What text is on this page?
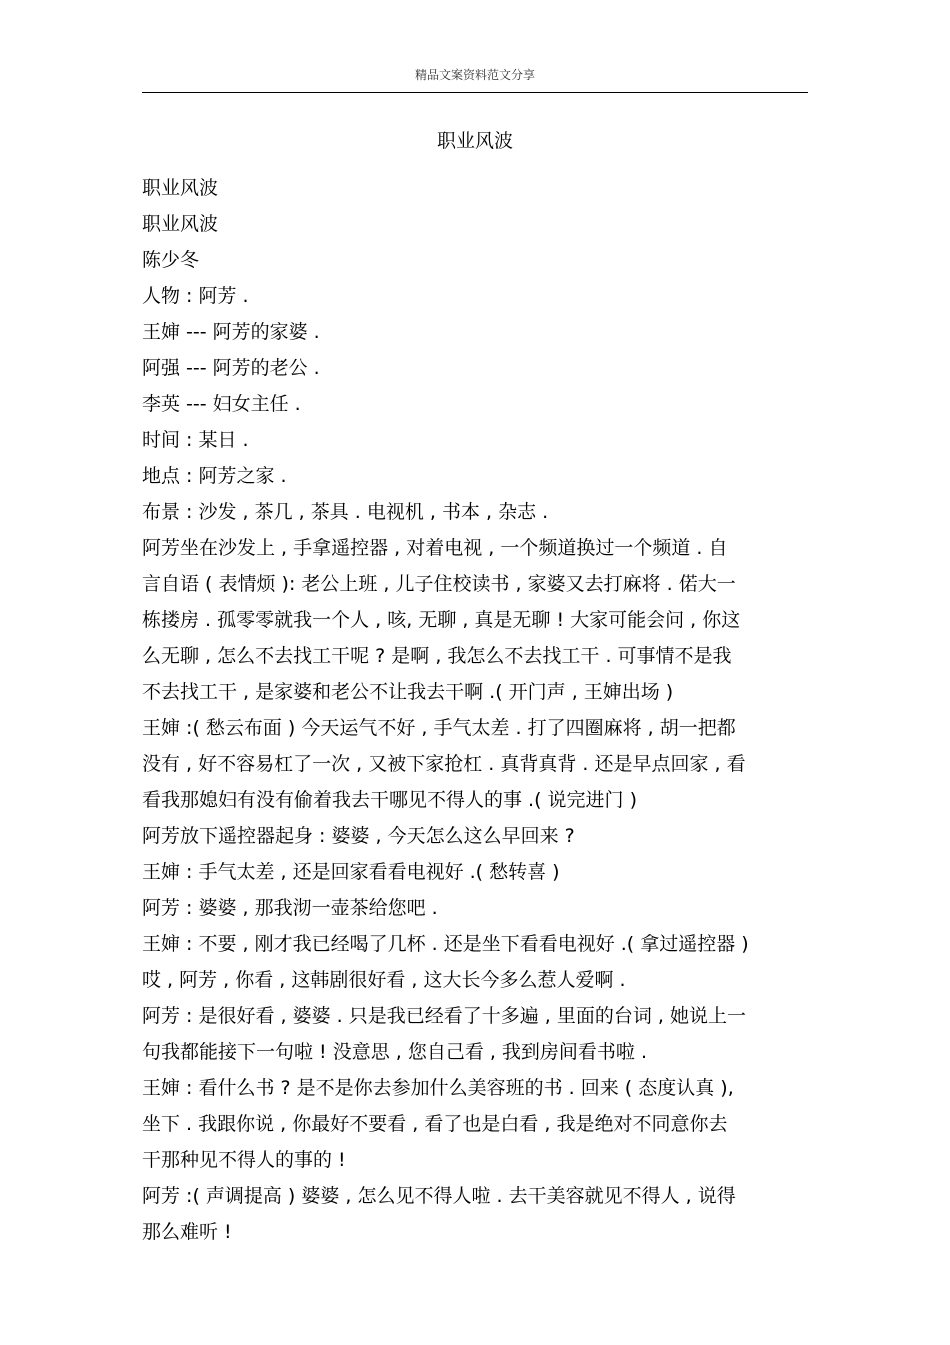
精品文案资料范文分享
职业风波
职业风波
职业风波
陈少冬
人物 : 阿芳 .
王婶 --- 阿芳的家婆 .
阿强 --- 阿芳的老公 .
李英 --- 妇女主任 .
时间 : 某日 .
地点 : 阿芳之家 .
布景 : 沙发 , 茶几 , 茶具 . 电视机 , 书本 , 杂志 .
阿芳坐在沙发上 , 手拿遥控器 , 对着电视 , 一个频道换过一个频道 . 自
言自语 ( 表情烦 ): 老公上班 , 儿子住校读书 , 家婆又去打麻将 . 偌大一
栋搂房 . 孤零零就我一个人 , 咳, 无聊 , 真是无聊 ! 大家可能会问 , 你这
么无聊 , 怎么不去找工干呢 ? 是啊 , 我怎么不去找工干 . 可事情不是我
不去找工干 , 是家婆和老公不让我去干啊 .( 开门声 , 王婶出场 )
王婶 :( 愁云布面 ) 今天运气不好 , 手气太差 . 打了四圈麻将 , 胡一把都
没有 , 好不容易杠了一次 , 又被下家抢杠 . 真背真背 . 还是早点回家 , 看
看我那媳妇有没有偷着我去干哪见不得人的事 .( 说完进门 )
阿芳放下遥控器起身 : 婆婆 , 今天怎么这么早回来 ?
王婶 : 手气太差 , 还是回家看看电视好 .( 愁转喜 )
阿芳 : 婆婆 , 那我沏一壶茶给您吧 .
王婶 : 不要 , 刚才我已经喝了几杯 . 还是坐下看看电视好 .( 拿过遥控器 )
哎 , 阿芳 , 你看 , 这韩剧很好看 , 这大长今多么惹人爱啊 .
阿芳 : 是很好看 , 婆婆 . 只是我已经看了十多遍 , 里面的台词 , 她说上一
句我都能接下一句啦 ! 没意思 , 您自己看 , 我到房间看书啦 .
王婶 : 看什么书 ? 是不是你去参加什么美容班的书 . 回来 ( 态度认真 ),
坐下 . 我跟你说 , 你最好不要看 , 看了也是白看 , 我是绝对不同意你去
干那种见不得人的事的 !
阿芳 :( 声调提高 ) 婆婆 , 怎么见不得人啦 . 去干美容就见不得人 , 说得
那么难听 !
